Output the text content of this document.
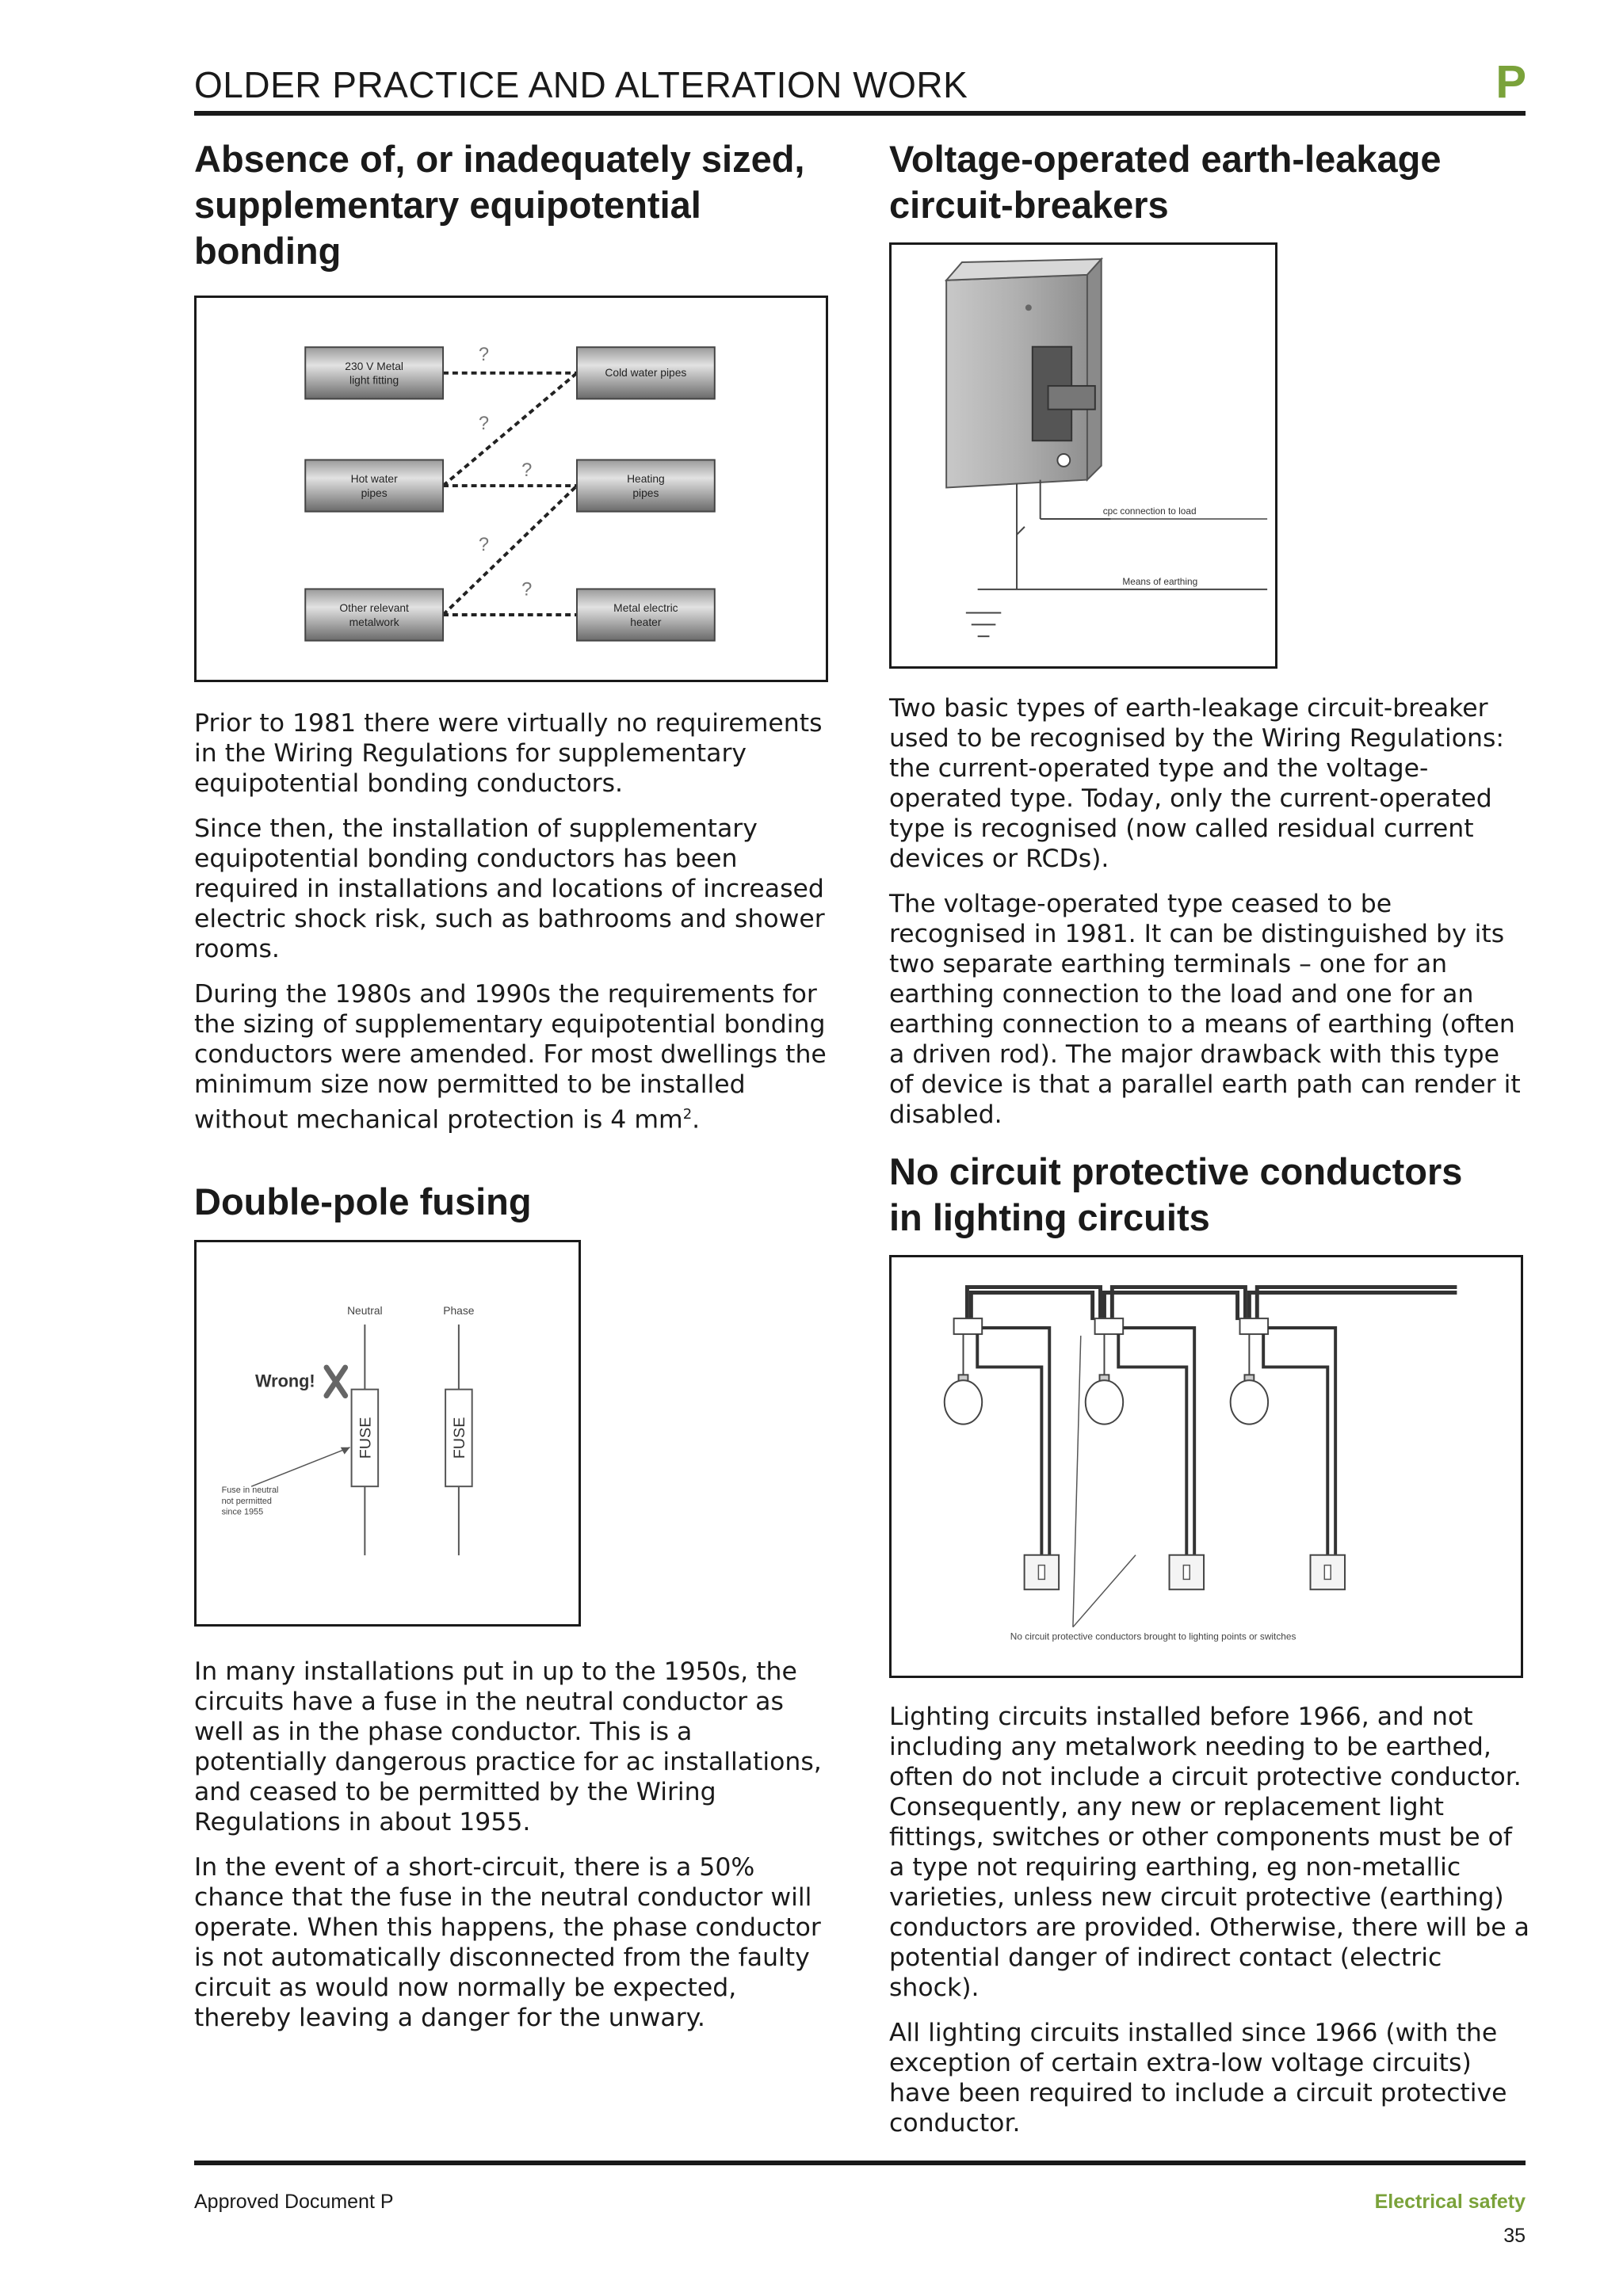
OLDER PRACTICE AND ALTERATION WORK	P
Absence of, or inadequately sized,
supplementary equipotential
bonding
230 V Metal
light fitting
Cold water pipes
Hot water
pipes
Heating
pipes
Other relevant
metalwork
Metal electric
heater
?
?
?
?
?

Prior to 1981 there were virtually no requirements in the Wiring Regulations for supplementary equipotential bonding conductors.

Since then, the installation of supplementary equipotential bonding conductors has been required in installations and locations of increased electric shock risk, such as bathrooms and shower rooms.

During the 1980s and 1990s the requirements for the sizing of supplementary equipotential bonding conductors were amended. For most dwellings the minimum size now permitted to be installed without mechanical protection is 4 $mm^2$.

Double-pole fusing
Neutral	Phase
FUSE	FUSE
Wrong!
Fuse in neutral
not permitted
since 1955

In many installations put in up to the 1950s, the circuits have a fuse in the neutral conductor as well as in the phase conductor. This is a potentially dangerous practice for ac installations, and ceased to be permitted by the Wiring Regulations in about 1955.

In the event of a short-circuit, there is a 50% chance that the fuse in the neutral conductor will operate. When this happens, the phase conductor is not automatically disconnected from the faulty circuit as would now normally be expected, thereby leaving a danger for the unwary.

Voltage-operated earth-leakage
circuit-breakers
cpc connection to load
Means of earthing

Two basic types of earth-leakage circuit-breaker used to be recognised by the Wiring Regulations: the current-operated type and the voltage-operated type. Today, only the current-operated type is recognised (now called residual current devices or RCDs).

The voltage-operated type ceased to be recognised in 1981. It can be distinguished by its two separate earthing terminals – one for an earthing connection to the load and one for an earthing connection to a means of earthing (often a driven rod). The major drawback with this type of device is that a parallel earth path can render it disabled.

No circuit protective conductors
in lighting circuits
No circuit protective conductors brought to lighting points or switches

Lighting circuits installed before 1966, and not including any metalwork needing to be earthed, often do not include a circuit protective conductor. Consequently, any new or replacement light fittings, switches or other components must be of a type not requiring earthing, eg non-metallic varieties, unless new circuit protective (earthing) conductors are provided. Otherwise, there will be a potential danger of indirect contact (electric shock).

All lighting circuits installed since 1966 (with the exception of certain extra-low voltage circuits) have been required to include a circuit protective conductor.

Approved Document P	Electrical safety
35
